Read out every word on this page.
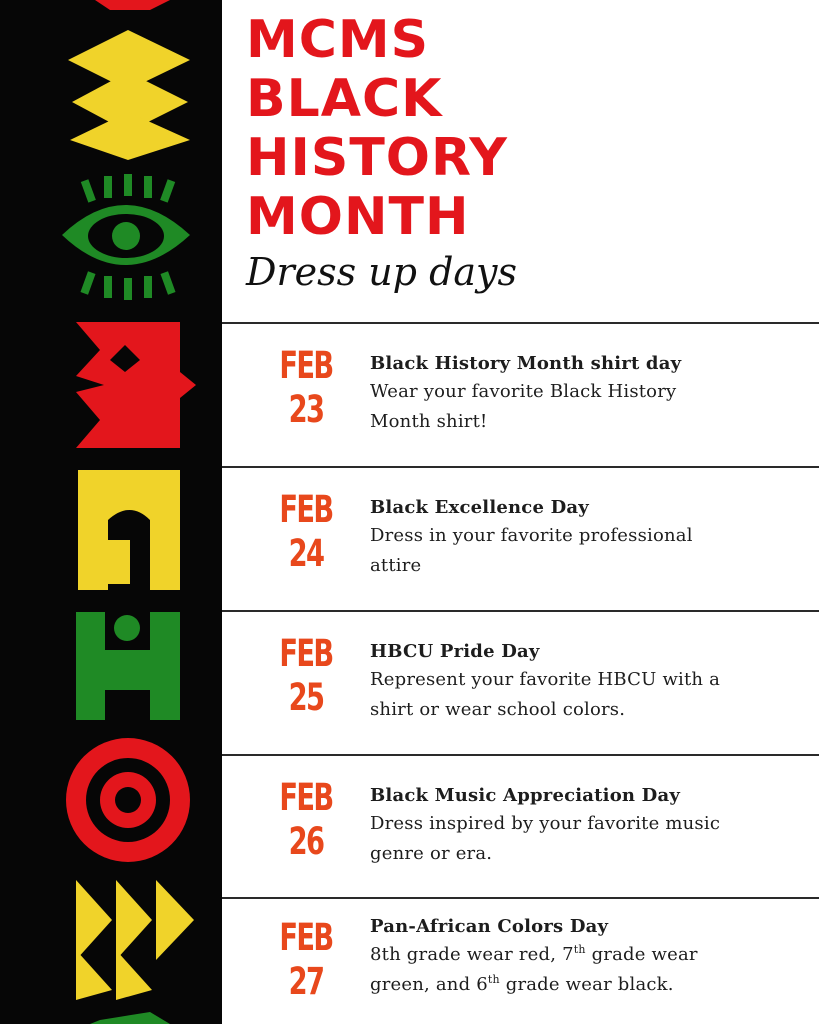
MCMS
BLACK
HISTORY
MONTH
Dress up days
FEB
23
Black History Month shirt day
Wear your favorite Black History
Month shirt!
FEB
24
Black Excellence Day
Dress in your favorite professional
attire
FEB
25
HBCU Pride Day
Represent your favorite HBCU with a
shirt or wear school colors.
FEB
26
Black Music Appreciation Day
Dress inspired by your favorite music
genre or era.
FEB
27
Pan-African Colors Day
8th grade wear red, 7th grade wear
green, and 6th grade wear black.
